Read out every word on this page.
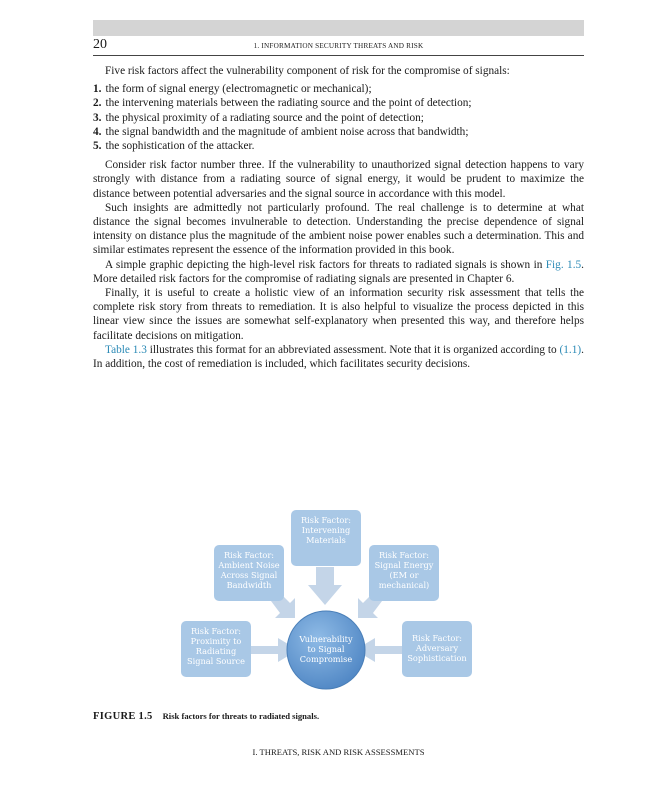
20	1. INFORMATION SECURITY THREATS AND RISK

Five risk factors affect the vulnerability component of risk for the compromise of signals:

1. the form of signal energy (electromagnetic or mechanical);
2. the intervening materials between the radiating source and the point of detection;
3. the physical proximity of a radiating source and the point of detection;
4. the signal bandwidth and the magnitude of ambient noise across that bandwidth;
5. the sophistication of the attacker.

Consider risk factor number three. If the vulnerability to unauthorized signal detection happens to vary strongly with distance from a radiating source of signal energy, it would be prudent to maximize the distance between potential adversaries and the signal source in accordance with this model.

Such insights are admittedly not particularly profound. The real challenge is to determine at what distance the signal becomes invulnerable to detection. Understanding the precise dependence of signal intensity on distance plus the magnitude of the ambient noise power enables such a determination. This and similar estimates represent the essence of the information provided in this book.

A simple graphic depicting the high-level risk factors for threats to radiated signals is shown in Fig. 1.5. More detailed risk factors for the compromise of radiating signals are presented in Chapter 6.

Finally, it is useful to create a holistic view of an information security risk assessment that tells the complete risk story from threats to remediation. It is also helpful to visualize the process depicted in this linear view since the issues are somewhat self-explanatory when presented this way, and therefore helps facilitate decisions on mitigation.

Table 1.3 illustrates this format for an abbreviated assessment. Note that it is organized according to (1.1). In addition, the cost of remediation is included, which facilitates security decisions.

Risk Factor: Intervening Materials
Risk Factor: Ambient Noise Across Signal Bandwidth
Risk Factor: Signal Energy (EM or mechanical)
Risk Factor: Proximity to Radiating Signal Source
Risk Factor: Adversary Sophistication
Vulnerability to Signal Compromise
FIGURE 1.5 Risk factors for threats to radiated signals.
I. THREATS, RISK AND RISK ASSESSMENTS
